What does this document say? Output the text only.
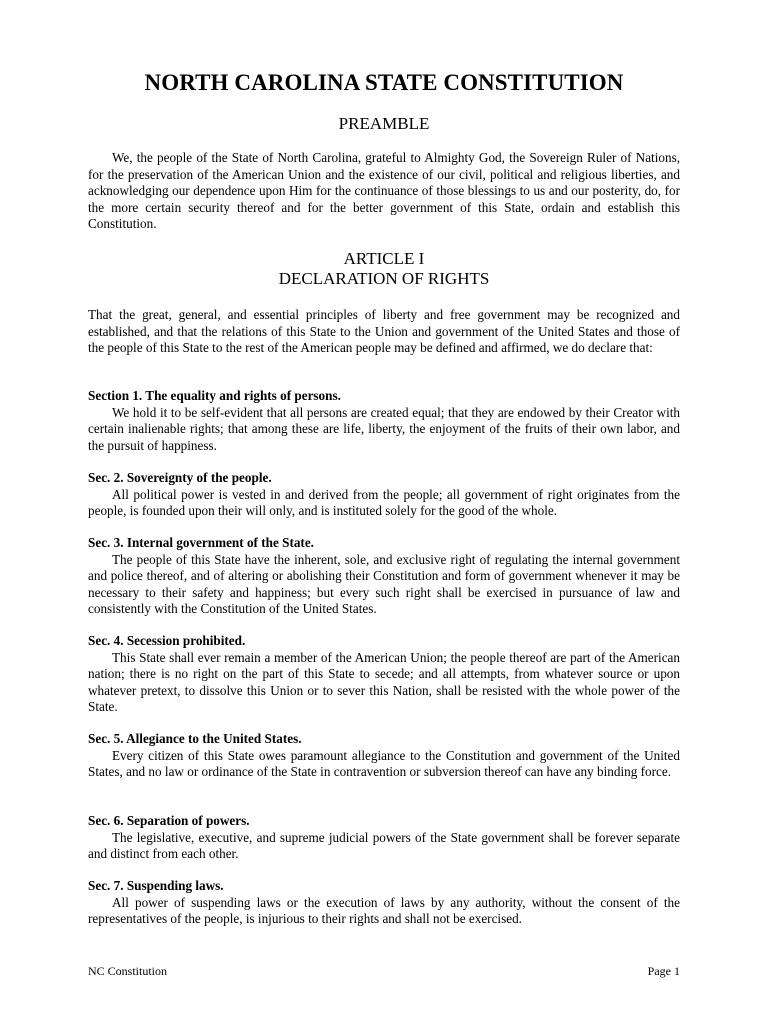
NORTH CAROLINA STATE CONSTITUTION
PREAMBLE
We, the people of the State of North Carolina, grateful to Almighty God, the Sovereign Ruler of Nations, for the preservation of the American Union and the existence of our civil, political and religious liberties, and acknowledging our dependence upon Him for the continuance of those blessings to us and our posterity, do, for the more certain security thereof and for the better government of this State, ordain and establish this Constitution.
ARTICLE I
DECLARATION OF RIGHTS
That the great, general, and essential principles of liberty and free government may be recognized and established, and that the relations of this State to the Union and government of the United States and those of the people of this State to the rest of the American people may be defined and affirmed, we do declare that:
Section 1. The equality and rights of persons.
We hold it to be self-evident that all persons are created equal; that they are endowed by their Creator with certain inalienable rights; that among these are life, liberty, the enjoyment of the fruits of their own labor, and the pursuit of happiness.
Sec. 2. Sovereignty of the people.
All political power is vested in and derived from the people; all government of right originates from the people, is founded upon their will only, and is instituted solely for the good of the whole.
Sec. 3. Internal government of the State.
The people of this State have the inherent, sole, and exclusive right of regulating the internal government and police thereof, and of altering or abolishing their Constitution and form of government whenever it may be necessary to their safety and happiness; but every such right shall be exercised in pursuance of law and consistently with the Constitution of the United States.
Sec. 4. Secession prohibited.
This State shall ever remain a member of the American Union; the people thereof are part of the American nation; there is no right on the part of this State to secede; and all attempts, from whatever source or upon whatever pretext, to dissolve this Union or to sever this Nation, shall be resisted with the whole power of the State.
Sec. 5. Allegiance to the United States.
Every citizen of this State owes paramount allegiance to the Constitution and government of the United States, and no law or ordinance of the State in contravention or subversion thereof can have any binding force.
Sec. 6. Separation of powers.
The legislative, executive, and supreme judicial powers of the State government shall be forever separate and distinct from each other.
Sec. 7. Suspending laws.
All power of suspending laws or the execution of laws by any authority, without the consent of the representatives of the people, is injurious to their rights and shall not be exercised.
NC Constitution	Page 1
